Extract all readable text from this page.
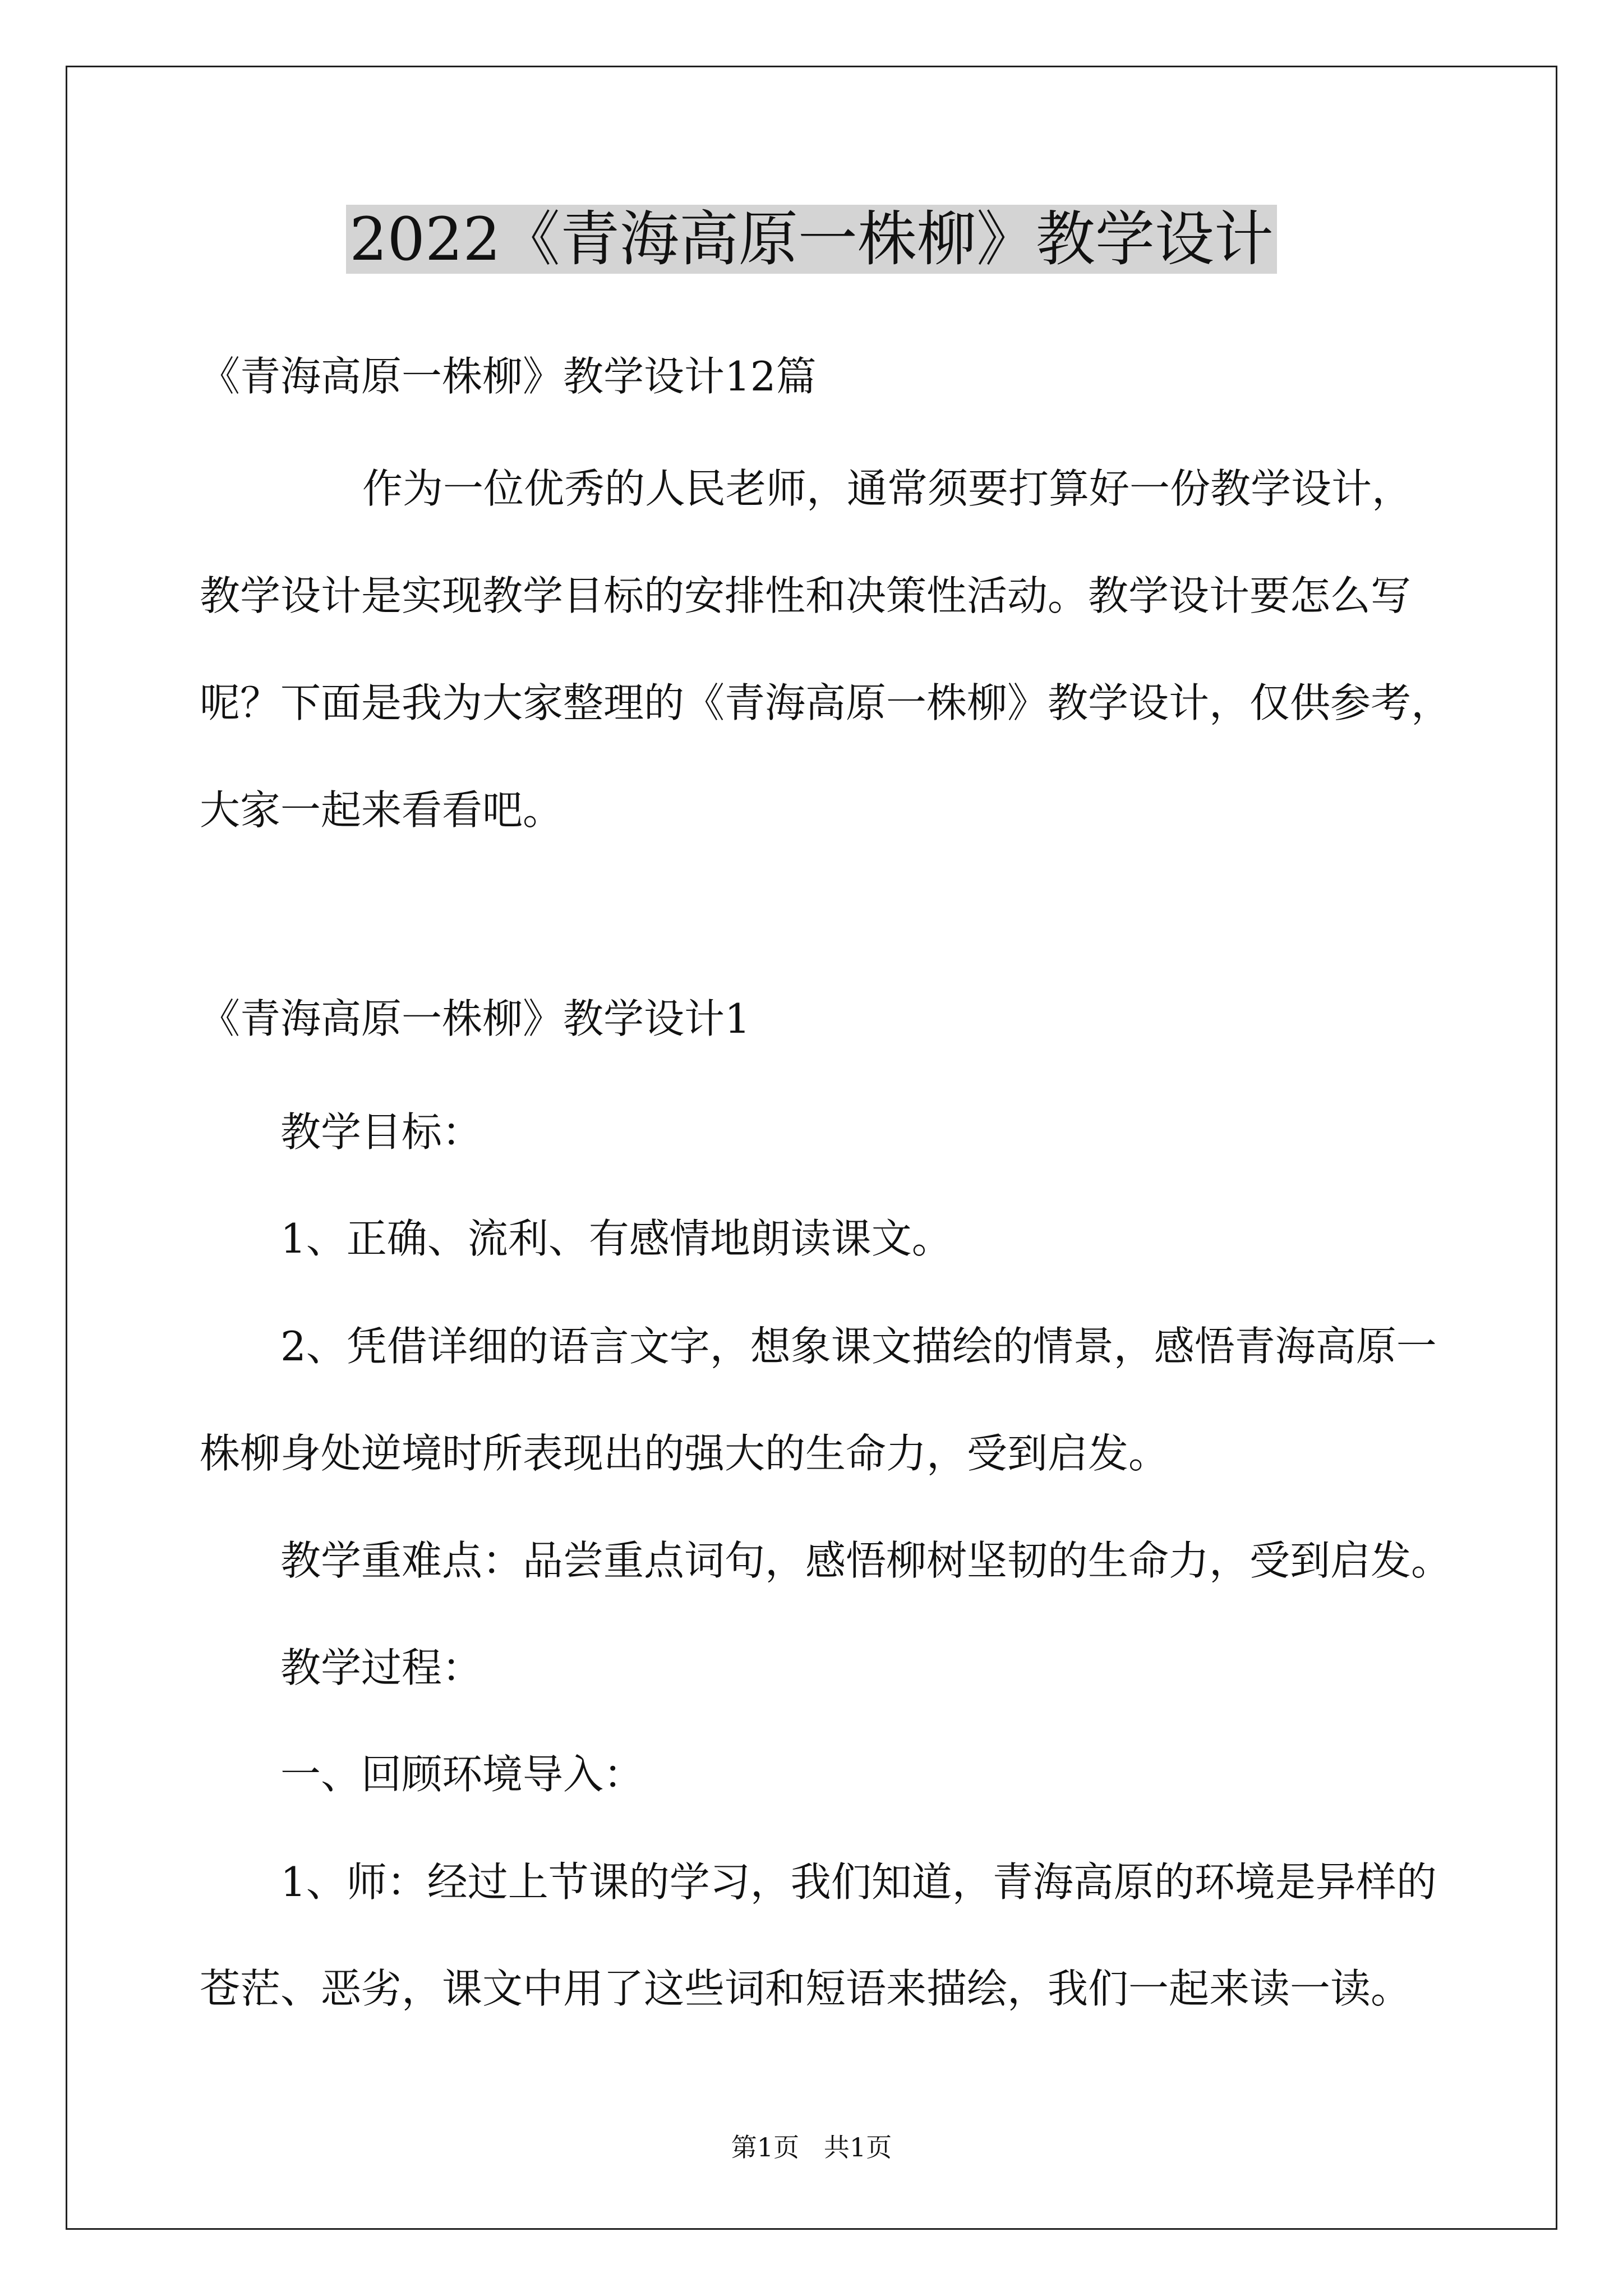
2022《青海高原一株柳》教学设计

《青海高原一株柳》教学设计12篇

作为一位优秀的人民老师，通常须要打算好一份教学设计，

教学设计是实现教学目标的安排性和决策性活动。教学设计要怎么写

呢？下面是我为大家整理的《青海高原一株柳》教学设计，仅供参考，

大家一起来看看吧。

《青海高原一株柳》教学设计1

教学目标：

1、正确、流利、有感情地朗读课文。

2、凭借详细的语言文字，想象课文描绘的情景，感悟青海高原一

株柳身处逆境时所表现出的强大的生命力，受到启发。

教学重难点：品尝重点词句，感悟柳树坚韧的生命力，受到启发。

教学过程：

一、回顾环境导入：

1、师：经过上节课的学习，我们知道，青海高原的环境是异样的

苍茫、恶劣，课文中用了这些词和短语来描绘，我们一起来读一读。

第1页   共1页
